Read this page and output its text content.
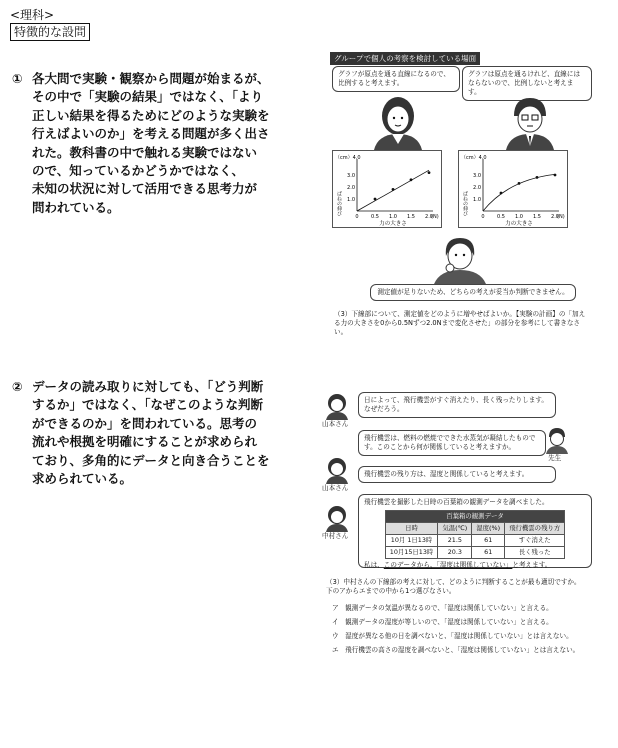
<理科>
特徴的な設問
① 各大問で実験・観察から問題が始まるが、
その中で「実験の結果」ではなく、「より
正しい結果を得るためにどのような実験を
行えばよいのか」を考える問題が多く出さ
れた。教科書の中で触れる実験ではない
ので、知っているかどうかではなく、
未知の状況に対して活用できる思考力が
問われている。
② データの読み取りに対しても、「どう判断
するか」ではなく、「なぜこのような判断
ができるのか」を問われている。思考の
流れや根拠を明確にすることが求められ
ており、多角的にデータと向き合うことを
求められている。
グループで個人の考察を検討している場面
グラフが原点を通る直線になるので、比例すると考えます。
グラフは原点を通るけれど、直線には ならないので、比例しないと考えます。
0 0.5 1.0 1.5 2.0
1.0
2.0
3.0
（cm）4.0
ばねの伸び
力の大きさ
(N)	0 0.5 1.0 1.5 2.0
1.0
2.0
3.0
（cm）4.0
ばねの伸び
力の大きさ
(N)
測定値が足りないため、どちらの考えが妥当か判断できません。
（3）下線部について、測定値をどのように増やせばよいか。【実験の計画】の「加える力の大きさを0から0.5Nずつ2.0Nまで変化させた」の部分を参考にして書きなさい。
山本さん
日によって、飛行機雲がすぐ消えたり、長く残ったりします。なぜだろう。
飛行機雲は、燃料の燃焼でできた水蒸気が凝結したものです。このことから何が関係していると考えますか。
先生
山本さん
飛行機雲の残り方は、湿度と関係していると考えます。
中村さん
飛行機雲を撮影した日時の百葉箱の観測データを調べました。
百葉箱の観測データ			
日時	気温(℃)	湿度(%)	飛行機雲の残り方
10月 1日13時	21.5	61	すぐ消えた
10月15日13時	20.3	61	長く残った
私は、このデータから、「湿度は関係していない」と考えます。
（3）中村さんの下線部の考えに対して、どのように判断することが最も適切ですか。下のアからエまでの中から1つ選びなさい。
ア　観測データの気温が異なるので、「湿度は関係していない」と言える。
イ　観測データの湿度が等しいので、「湿度は関係していない」と言える。
ウ　湿度が異なる他の日を調べないと、「湿度は関係していない」とは言えない。
エ　飛行機雲の高さの湿度を調べないと、「湿度は関係していない」とは言えない。
